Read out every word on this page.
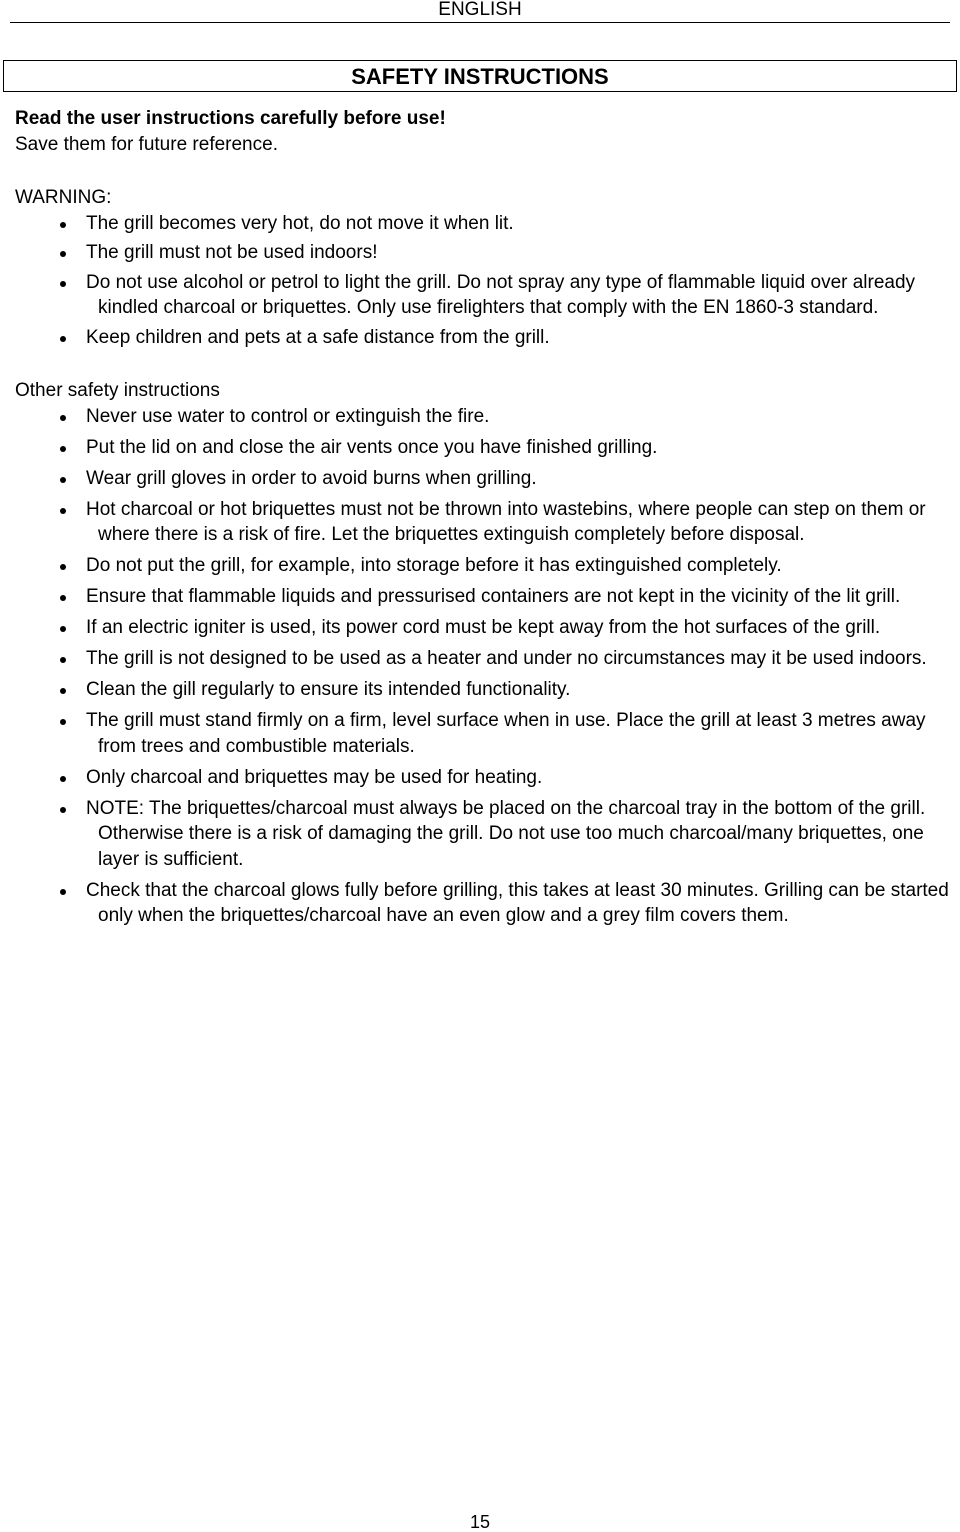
ENGLISH
SAFETY INSTRUCTIONS
Read the user instructions carefully before use!
Save them for future reference.
WARNING:
The grill becomes very hot, do not move it when lit.
The grill must not be used indoors!
Do not use alcohol or petrol to light the grill. Do not spray any type of flammable liquid over already kindled charcoal or briquettes. Only use firelighters that comply with the EN 1860-3 standard.
Keep children and pets at a safe distance from the grill.
Other safety instructions
Never use water to control or extinguish the fire.
Put the lid on and close the air vents once you have finished grilling.
Wear grill gloves in order to avoid burns when grilling.
Hot charcoal or hot briquettes must not be thrown into wastebins, where people can step on them or where there is a risk of fire. Let the briquettes extinguish completely before disposal.
Do not put the grill, for example, into storage before it has extinguished completely.
Ensure that flammable liquids and pressurised containers are not kept in the vicinity of the lit grill.
If an electric igniter is used, its power cord must be kept away from the hot surfaces of the grill.
The grill is not designed to be used as a heater and under no circumstances may it be used indoors.
Clean the gill regularly to ensure its intended functionality.
The grill must stand firmly on a firm, level surface when in use. Place the grill at least 3 metres away from trees and combustible materials.
Only charcoal and briquettes may be used for heating.
NOTE: The briquettes/charcoal must always be placed on the charcoal tray in the bottom of the grill. Otherwise there is a risk of damaging the grill. Do not use too much charcoal/many briquettes, one layer is sufficient.
Check that the charcoal glows fully before grilling, this takes at least 30 minutes. Grilling can be started only when the briquettes/charcoal have an even glow and a grey film covers them.
15
